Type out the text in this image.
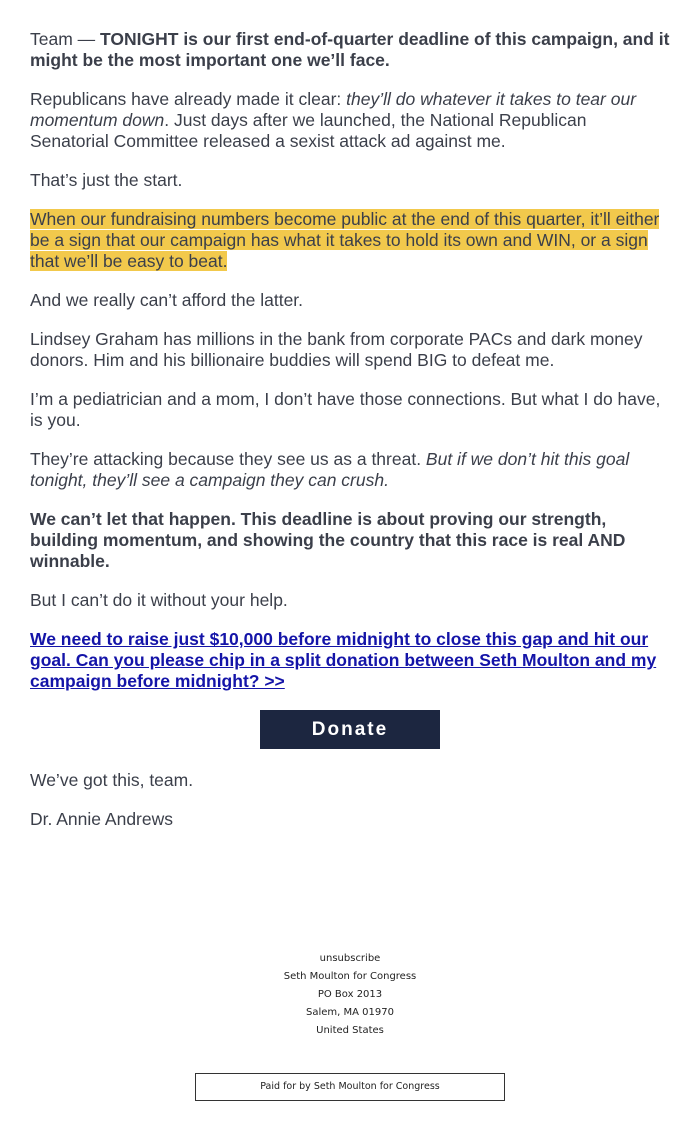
Team — TONIGHT is our first end-of-quarter deadline of this campaign, and it might be the most important one we’ll face.

Republicans have already made it clear: they’ll do whatever it takes to tear our momentum down. Just days after we launched, the National Republican Senatorial Committee released a sexist attack ad against me.

That’s just the start.

When our fundraising numbers become public at the end of this quarter, it’ll either be a sign that our campaign has what it takes to hold its own and WIN, or a sign that we’ll be easy to beat.

And we really can’t afford the latter.

Lindsey Graham has millions in the bank from corporate PACs and dark money donors. Him and his billionaire buddies will spend BIG to defeat me.

I’m a pediatrician and a mom, I don’t have those connections. But what I do have, is you.

They’re attacking because they see us as a threat. But if we don’t hit this goal tonight, they’ll see a campaign they can crush.

We can’t let that happen. This deadline is about proving our strength, building momentum, and showing the country that this race is real AND winnable.

But I can’t do it without your help.

We need to raise just $10,000 before midnight to close this gap and hit our goal. Can you please chip in a split donation between Seth Moulton and my campaign before midnight? >>

Donate

We’ve got this, team.

Dr. Annie Andrews

unsubscribe
Seth Moulton for Congress
PO Box 2013
Salem, MA 01970
United States
Paid for by Seth Moulton for Congress
